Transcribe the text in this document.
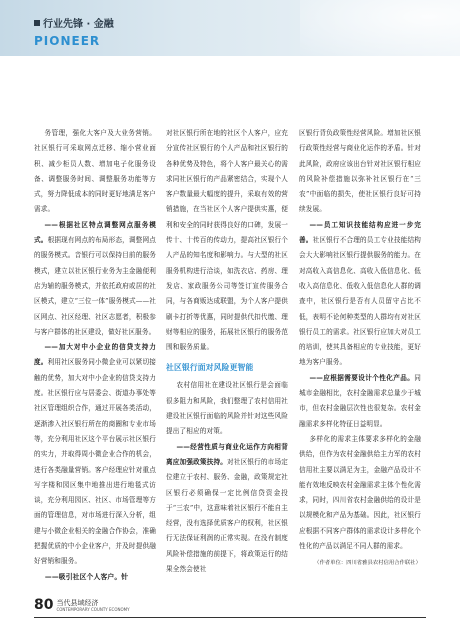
行业先锋 · 金融
PIONEER

务管理，强化大客户及大业务营销。社区银行可采取网点迁移、缩小营业面积、减少柜员人数、增加电子化服务设备、调整服务时间、调整服务功能等方式，努力降低成本的同时更好地满足客户需求。

——根据社区特点调整网点服务模式。根据现有网点的布局形态，调整网点的服务模式。音银行可以保持目前的服务模式，建立以社区银行业务为主金融便利店为辅的服务模式，并依托政府或居的社区模式，建立“三位一体”服务模式——社区网点、社区经理、社区志愿者，积极参与客户群体的社区建设，做好社区服务。

——加大对中小企业的信贷支持力度。利用社区服务同小微企业可以紧切接触的优势，加大对中小企业的信贷支持力度。社区银行应与居委会、街道办事处等社区管理组织合作，通过开展各类活动，逐渐渗入社区银行所在的商圈和专业市场等，充分利用社区这个平台展示社区银行的实力，并取得周小微企业合作的机会，进行各类融量营销。客户经理应针对重点写字楼和园区集中地推出进行地毯式访谈，充分利用园区、社区、市场管理等方面的管理信息，对市场进行深入分析，组建与小微企业相关的金融合作协会，准确把握优质的中小企业客户，并及时提供融好营销和服务。

——吸引社区个人客户。针

对社区银行所在地的社区个人客户，应充分宣传社区银行的个人产品和社区银行的各种优势及特色，将个人客户最关心的需求同社区银行的产品紧密结合，实现个人客户数量最大幅度的提升，采取有效的营销措施，在当社区个人客户提供实惠，便利和安全的同时获得良好的口碑，发展一传十、十传百的传动力，提高社区银行个人产品的知名度和影响力。与大型的社区服务机构进行洽谈，如洗衣店、药房、理发店、家政服务公司等签订宣传服务合同，与各商贩达成联盟，为个人客户提供刷卡打折等优惠，同时提供代扣代缴、理财等相应的服务，拓展社区银行的服务范围和服务质量。

社区银行面对风险更智能

农村信用社在建设社区银行是会面临很多阻力和风险，我们整理了农村信用社建设社区银行面临的风险并针对这些风险提出了相应的对策。

——经营性质与商业化运作方向相背离应加强政策扶持。对社区银行的市场定位建立于农村、服务、金融，政策规定社区银行必须确保一定比例信贷资金投于“三农”中，这意味着社区银行不能自主经营，没有选择优质客户的权利，社区银行无法保证利润的正常实现。在没有制度风险补偿措施的前提下，将政策运行的结果全然会使社

区银行背负政策性经营风险。增加社区银行政策性经营与商业化运作的矛盾。针对此风险，政府应该出台针对社区银行相应的风险补偿措施以弥补社区银行在“三农”中面临的损失，使社区银行良好可持续发展。

——员工知识技能结构应进一步完善。社区银行不合理的员工专业技能结构会大大影响社区银行提供服务的能力。在对高收入高信息化、高收入低信息化、低收入高信息化、低收入低信息化人群的调查中，社区银行是否有人员留守占比不低，表明不论何种类型的人群均有对社区银行员工的需求。社区银行应加大对员工的培训，使其具备相应的专业技能，更好地为客户服务。

——应根据需要设计个性化产品。同城市金融相比，农村金融需求总量少于城市，但农村金融层次性也很复杂。农村金融需求多样化特征日益明显。

多样化的需求主体要求多样化的金融供给，但作为农村金融供给主力军的农村信用社主要以满足为主，金融产品设计不能有效地反映农村金融需求主体个性化需求，同时，四川省农村金融供给的设计是以规模化和产品为基础。因此，社区银行应根据不同客户群体的需求设计多样化个性化的产品以满足不同人群的需求。

（作者单位：四川省雅县农村信用合作联社）
80 当代县域经济
CONTEMPORARY COUNTY ECONOMY
